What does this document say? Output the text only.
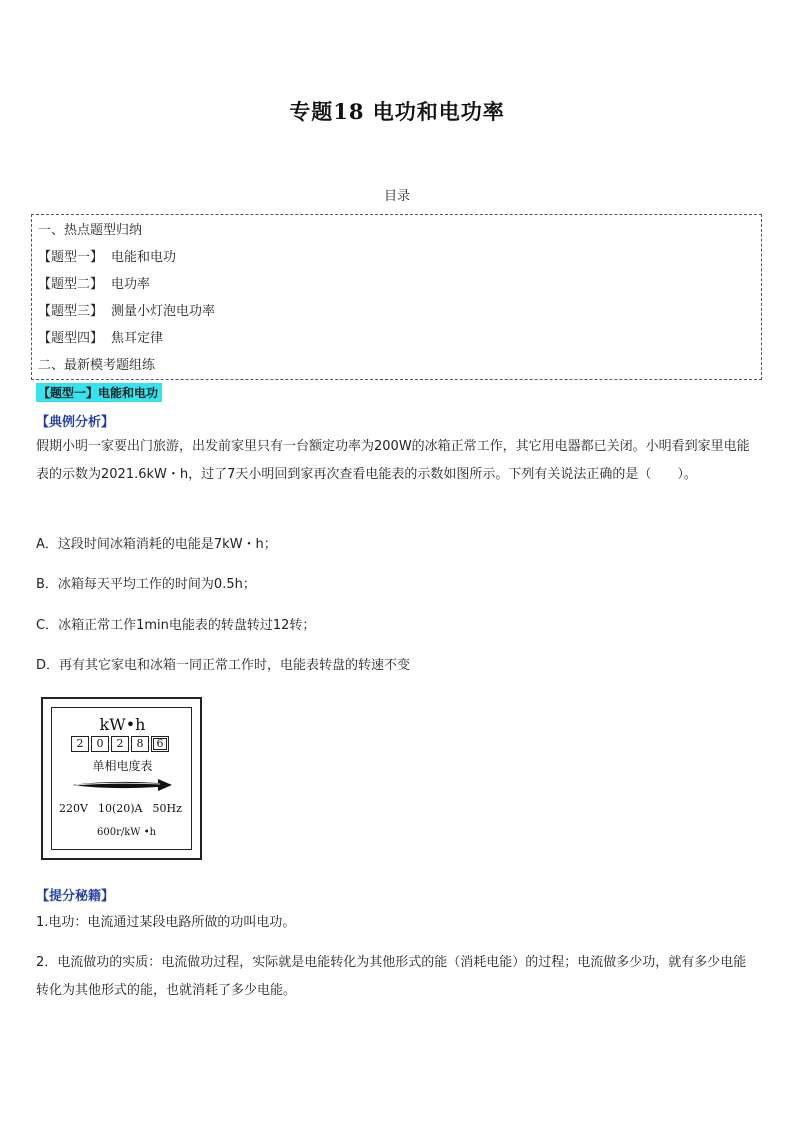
专题18 电功和电功率
目录
一、热点题型归纳
【题型一】 电能和电功
【题型二】 电功率
【题型三】 测量小灯泡电功率
【题型四】 焦耳定律
二、最新模考题组练
【题型一】电能和电功
【典例分析】
假期小明一家要出门旅游，出发前家里只有一台额定功率为200W的冰箱正常工作，其它用电器都已关闭。小明看到家里电能表的示数为2021.6kW・h，过了7天小明回到家再次查看电能表的示数如图所示。下列有关说法正确的是（　　）。
A．这段时间冰箱消耗的电能是7kW・h；
B．冰箱每天平均工作的时间为0.5h；
C．冰箱正常工作1min电能表的转盘转过12转；
D．再有其它家电和冰箱一同正常工作时，电能表转盘的转速不变
kW•h
2	0	2	8	6
单相电度表
220V 10(20)A 50Hz
600r/kW •h
【提分秘籍】
1.电功：电流通过某段电路所做的功叫电功。
2．电流做功的实质：电流做功过程，实际就是电能转化为其他形式的能（消耗电能）的过程；电流做多少功，就有多少电能转化为其他形式的能，也就消耗了多少电能。
